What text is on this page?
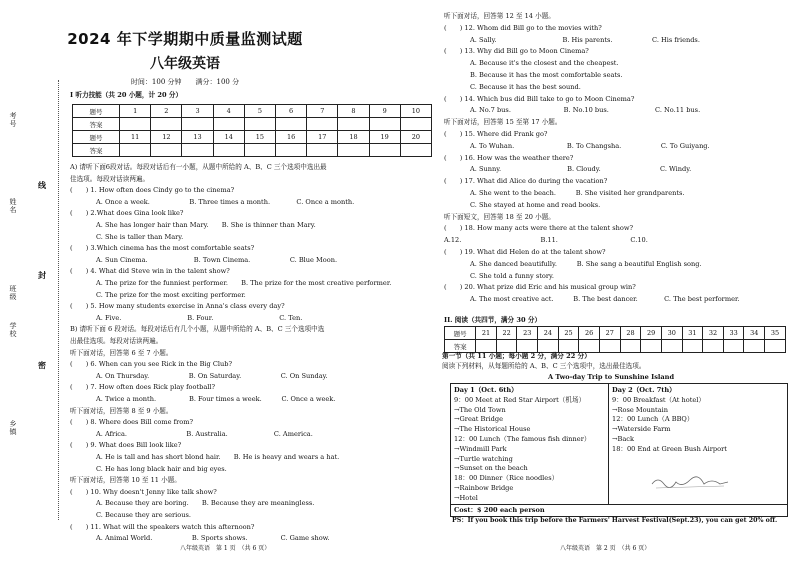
考号
姓名
班级
学校
乡镇
线
封
密
2024 年下学期期中质量监测试题
八年级英语
时间：100 分钟　　满分：100 分
I 听力技能（共 20 小题，计 20 分）
题号	1	2	3	4	5	6	7	8	9	10
答案										
题号	11	12	13	14	15	16	17	18	19	20
答案										
A) 请听下面6段对话。每段对话后有一小题，从题中所给的 A、B、C 三个选项中选出最
佳选项。每段对话读两遍。
(　　) 1. How often does Cindy go to the cinema?
A. Once a week.　　　　　　B. Three times a month.　　　　C. Once a month.
(　　) 2.What does Gina look like?
A. She has longer hair than Mary.　　B. She is thinner than Mary.
C. She is taller than Mary.
(　　) 3.Which cinema has the most comfortable seats?
A. Sun Cinema.　　　　　　　B. Town Cinema.　　　　　　C. Blue Moon.
(　　) 4. What did Steve win in the talent show?
A. The prize for the funniest performer.　　B. The prize for the most creative performer.
C. The prize for the most exciting performer.
(　　) 5. How many students exercise in Anna's class every day?
A. Five.　　　　　　　　　　B. Four.　　　　　　　　　　C. Ten.
B) 请听下面 6 段对话。每段对话后有几个小题，从题中所给的 A、B、C 三个选项中选
出最佳选项。每段对话读两遍。
听下面对话，回答第 6 至 7 小题。
(　　) 6. When can you see Rick in the Big Club?
A. On Thursday.　　　　　　B. On Saturday.　　　　　　C. On Sunday.
(　　) 7. How often does Rick play football?
A. Twice a month.　　　　　B. Four times a week.　　　C. Once a week.
听下面对话，回答第 8 至 9 小题。
(　　) 8. Where does Bill come from?
A. Africa.　　　　　　　　　B. Australia.　　　　　　　C. America.
(　　) 9. What does Bill look like?
A. He is tall and has short blond hair.　　B. He is heavy and wears a hat.
C. He has long black hair and big eyes.
听下面对话，回答第 10 至 11 小题。
(　　) 10. Why doesn't Jenny like talk show?
A. Because they are boring.　　B. Because they are meaningless.
C. Because they are serious.
(　　) 11. What will the speakers watch this afternoon?
A. Animal World.　　　　　　B. Sports shows.　　　　　C. Game show.
八年级英语　第 1 页　（共 6 页）
听下面对话，回答第 12 至 14 小题。
(　　) 12. Whom did Bill go to the movies with?
A. Sally.　　　　　　　　　　B. His parents.　　　　　　C. His friends.
(　　) 13. Why did Bill go to Moon Cinema?
A. Because it's the closest and the cheapest.
B. Because it has the most comfortable seats.
C. Because it has the best sound.
(　　) 14. Which bus did Bill take to go to Moon Cinema?
A. No.7 bus.　　　　　　　　B. No.10 bus.　　　　　　　C. No.11 bus.
听下面对话，回答第 15 至第 17 小题。
(　　) 15. Where did Frank go?
A. To Wuhan.　　　　　　　　B. To Changsha.　　　　　　C. To Guiyang.
(　　) 16. How was the weather there?
A. Sunny.　　　　　　　　　　B. Cloudy.　　　　　　　　　C. Windy.
(　　) 17. What did Alice do during the vacation?
A. She went to the beach.　　　B. She visited her grandparents.
C. She stayed at home and read books.
听下面短文，回答第 18 至 20 小题。
(　　) 18. How many acts were there at the talent show?
A.12.　　　　　　　　　　　　B.11.　　　　　　　　　　　C.10.
(　　) 19. What did Helen do at the talent show?
A. She danced beautifully.　　　B. She sang a beautiful English song.
C. She told a funny story.
(　　) 20. What prize did Eric and his musical group win?
A. The most creative act.　　　B. The best dancer.　　　　C. The best performer.
II. 阅读（共四节，满分 30 分）
题号	21	22	23	24	25	26	27	28	29	30	31	32	33	34	35
答案															
第一节（共 11 小题；每小题 2 分，满分 22 分）
阅读下列材料，从每题所给的 A、B、C 三个选项中，选出最佳选项。
A Two-day Trip to Sunshine Island
Day 1（Oct. 6th）
9：00 Meet at Red Star Airport（机场）
→The Old Town
→Great Bridge
→The Historical House
12：00 Lunch（The famous fish dinner）
→Windmill Park
→Turtle watching
→Sunset on the beach
18：00 Dinner（Rice noodles）
→Rainbow Bridge
→Hotel
Day 2（Oct. 7th）
9：00 Breakfast（At hotel）
→Rose Mountain
12：00 Lunch（A BBQ）
→Waterside Farm
→Back
18：00 End at Green Bush Airport
Cost：$ 200 each person
PS：If you book this trip before the Farmers' Harvest Festival(Sept.23), you can get 20% off.
八年级英语　第 2 页　（共 6 页）
